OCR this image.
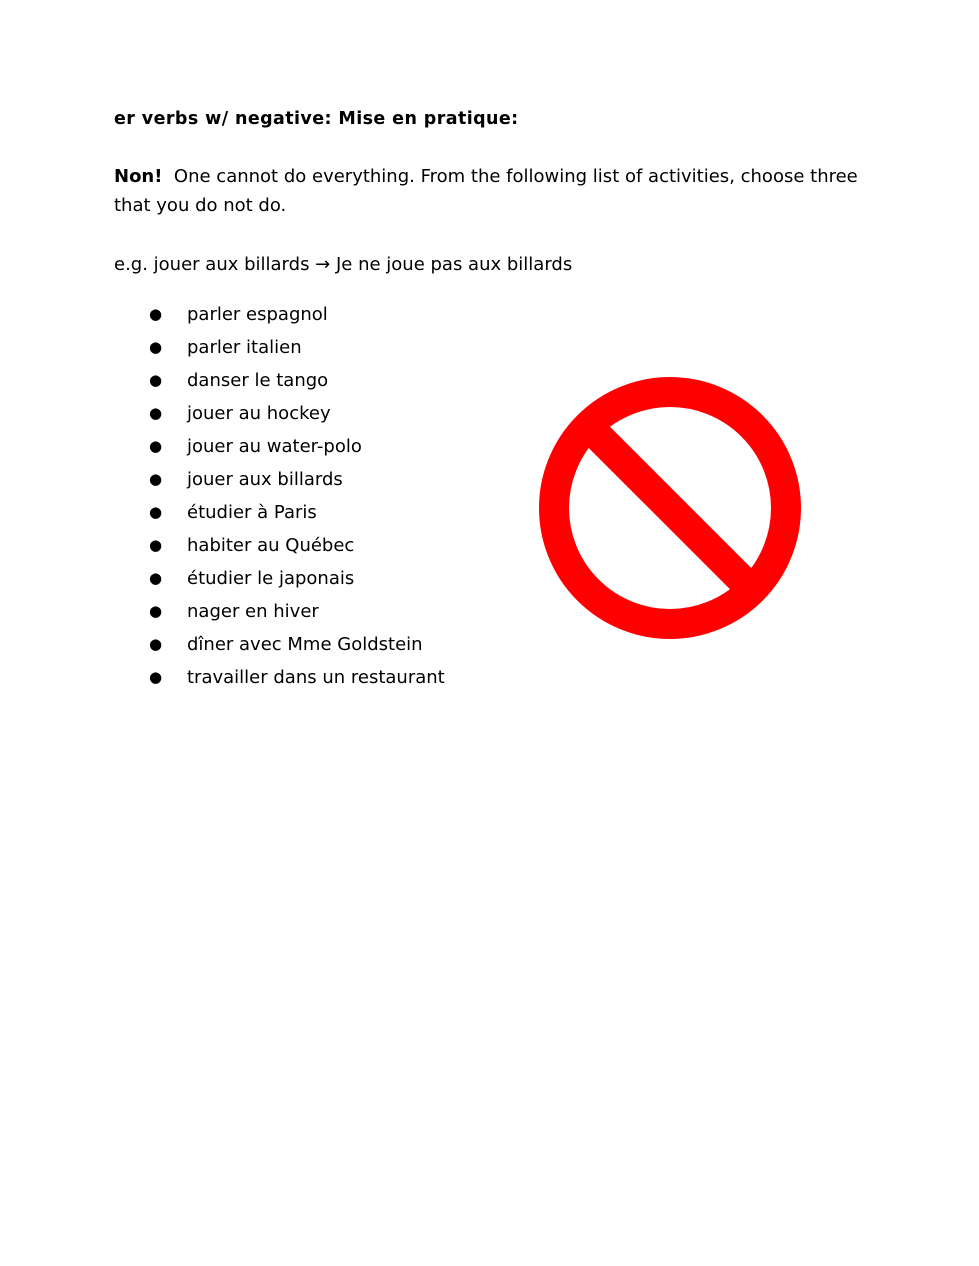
er verbs w/ negative: Mise en pratique:

Non! One cannot do everything. From the following list of activities, choose three that you do not do.

e.g. jouer aux billards → Je ne joue pas aux billards

● parler espagnol
● parler italien
● danser le tango
● jouer au hockey
● jouer au water-polo
● jouer aux billards
● étudier à Paris
● habiter au Québec
● étudier le japonais
● nager en hiver
● dîner avec Mme Goldstein
● travailler dans un restaurant
